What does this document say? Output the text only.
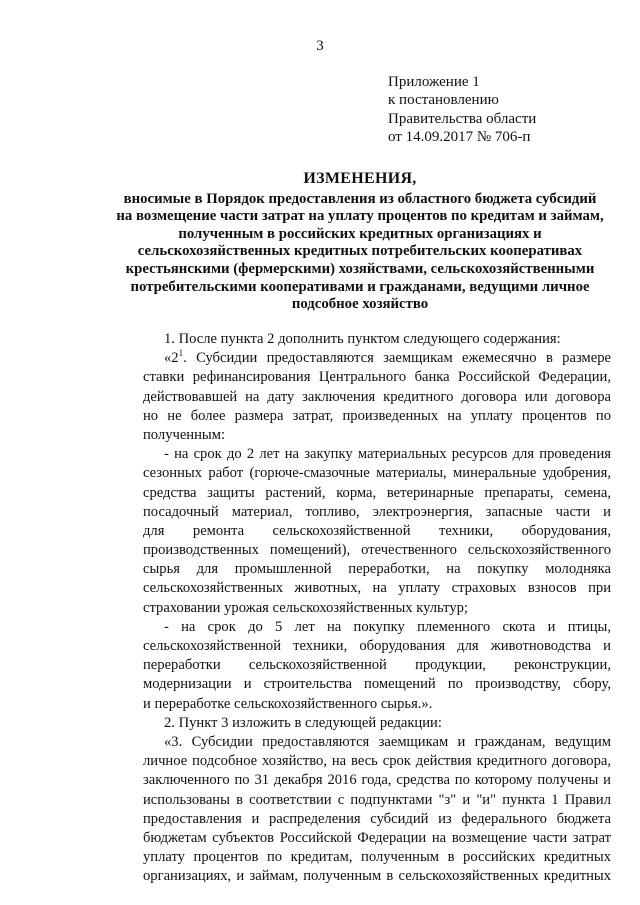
3
Приложение 1
к постановлению
Правительства области
от 14.09.2017 № 706-п
ИЗМЕНЕНИЯ,
вносимые в Порядок предоставления из областного бюджета субсидий
на возмещение части затрат на уплату процентов по кредитам и займам,
полученным в российских кредитных организациях и
сельскохозяйственных кредитных потребительских кооперативах
крестьянскими (фермерскими) хозяйствами, сельскохозяйственными
потребительскими кооперативами и гражданами, ведущими личное
подсобное хозяйство
1. После пункта 2 дополнить пунктом следующего содержания:
«$2^1$. Субсидии предоставляются заемщикам ежемесячно в размере
ставки рефинансирования Центрального банка Российской Федерации,
действовавшей на дату заключения кредитного договора или договора
но не более размера затрат, произведенных на уплату процентов по
полученным:
- на срок до 2 лет на закупку материальных ресурсов для проведения
сезонных работ (горюче-смазочные материалы, минеральные удобрения,
средства защиты растений, корма, ветеринарные препараты, семена,
посадочный материал, топливо, электроэнергия, запасные части и
для ремонта сельскохозяйственной техники, оборудования,
производственных помещений), отечественного сельскохозяйственного
сырья для промышленной переработки, на покупку молодняка
сельскохозяйственных животных, на уплату страховых взносов при
страховании урожая сельскохозяйственных культур;
- на срок до 5 лет на покупку племенного скота и птицы,
сельскохозяйственной техники, оборудования для животноводства и
переработки сельскохозяйственной продукции, реконструкции,
модернизации и строительства помещений по производству, сбору,
и переработке сельскохозяйственного сырья.».
2. Пункт 3 изложить в следующей редакции:
«3. Субсидии предоставляются заемщикам и гражданам, ведущим
личное подсобное хозяйство, на весь срок действия кредитного договора,
заключенного по 31 декабря 2016 года, средства по которому получены и
использованы в соответствии с подпунктами "з" и "и" пункта 1 Правил
предоставления и распределения субсидий из федерального бюджета
бюджетам субъектов Российской Федерации на возмещение части затрат
уплату процентов по кредитам, полученным в российских кредитных
организациях, и займам, полученным в сельскохозяйственных кредитных
